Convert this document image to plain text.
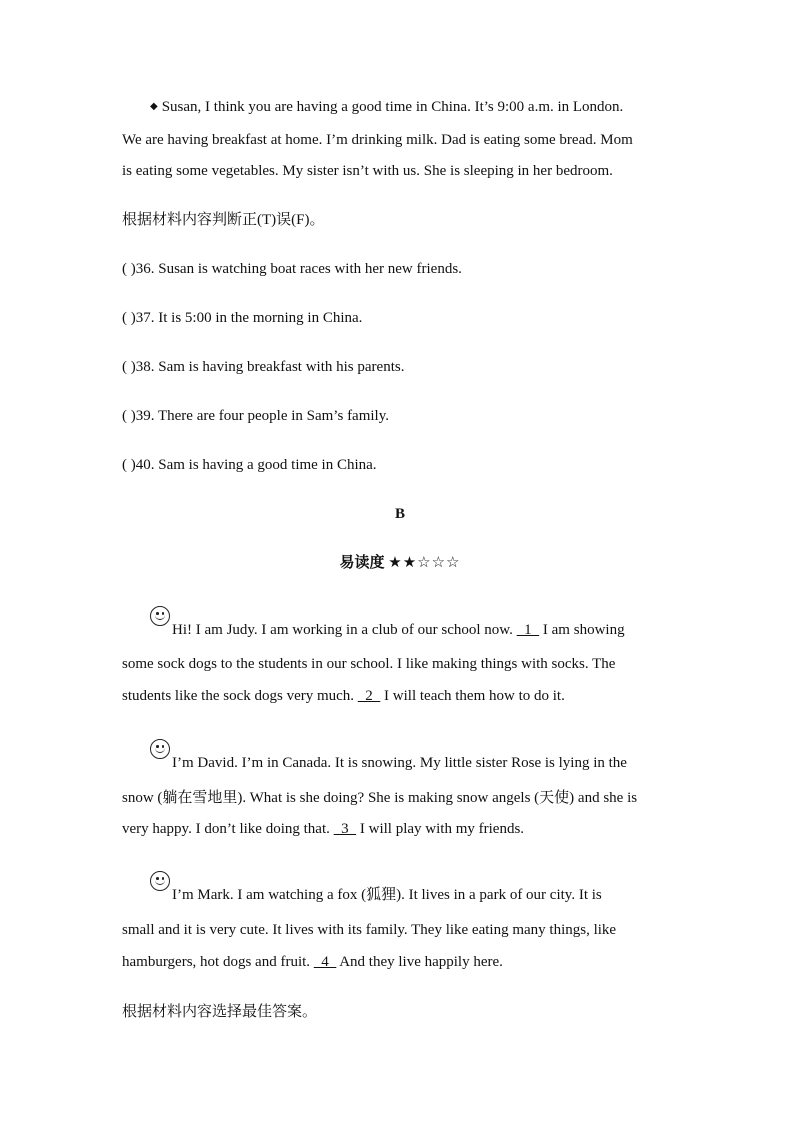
◆ Susan, I think you are having a good time in China. It’s 9:00 a.m. in London.
We are having breakfast at home. I’m drinking milk. Dad is eating some bread. Mom
is eating some vegetables. My sister isn’t with us. She is sleeping in her bedroom.
根据材料内容判断正(T)误(F)。
( )36. Susan is watching boat races with her new friends.
( )37. It is 5:00 in the morning in China.
( )38. Sam is having breakfast with his parents.
( )39. There are four people in Sam’s family.
( )40. Sam is having a good time in China.
B
易读度 ★★☆☆☆
Hi! I am Judy. I am working in a club of our school now.   1   I am showing
some sock dogs to the students in our school. I like making things with socks. The
students like the sock dogs very much.   2   I will teach them how to do it.
I’m David. I’m in Canada. It is snowing. My little sister Rose is lying in the
snow (躺在雪地里). What is she doing? She is making snow angels (天使) and she is
very happy. I don’t like doing that.   3   I will play with my friends.
I’m Mark. I am watching a fox (狐狸). It lives in a park of our city. It is
small and it is very cute. It lives with its family. They like eating many things, like
hamburgers, hot dogs and fruit.   4   And they live happily here.
根据材料内容选择最佳答案。
